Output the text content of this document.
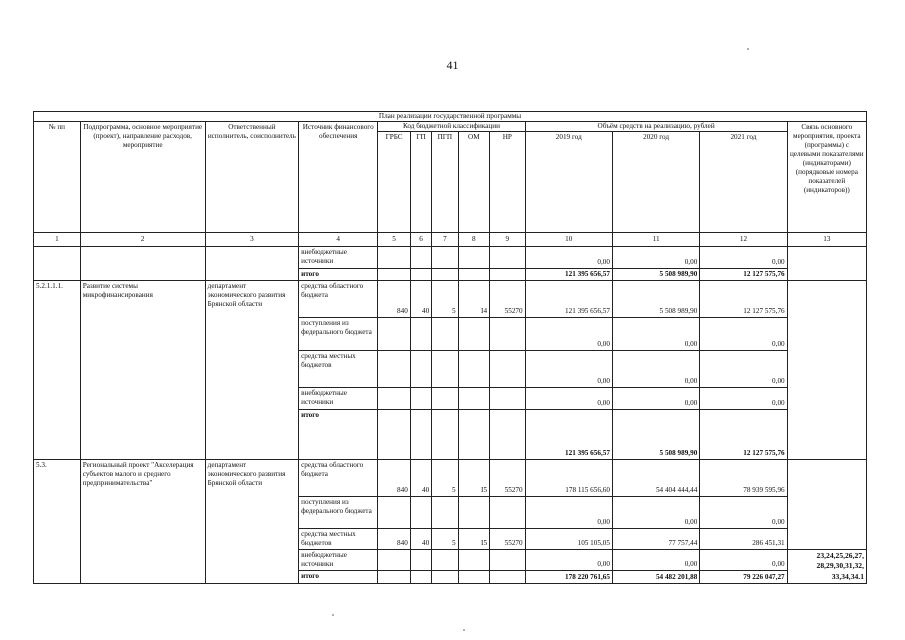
41
План реализации государственной программы												
№ пп	Подпрограмма, основное мероприятие (проект), направление расходов, мероприятие	Ответственный исполнитель, соисполнитель	Источник финансового обеспечения	Код бюджетной классификации					Объём средств на реализацию, рублей			Связь основного мероприятия, проекта (программы) с целевыми показателями (индикаторами) (порядковые номера показателей (индикаторов))
				ГРБС	ГП	ПГП	ОМ	НР	2019 год	2020 год	2021 год	
1	2	3	4	5	6	7	8	9	10	11	12	13
			внебюджетные источники						0,00	0,00	0,00	
			итого						121 395 656,57	5 508 989,90	12 127 575,76	
5.2.1.1.1.	Развитие системы микрофинансирования	департамент экономического развития Брянской области	средства областного бюджета	840	40	5	I4	55270	121 395 656,57	5 508 989,90	12 127 575,76	
			поступления из федерального бюджета						0,00	0,00	0,00	
			средства местных бюджетов						0,00	0,00	0,00	
			внебюджетные источники						0,00	0,00	0,00	
			итого						121 395 656,57	5 508 989,90	12 127 575,76	
5.3.	Региональный проект "Акселерация субъектов малого и среднего предпринимательства"	департамент экономического развития Брянской области	средства областного бюджета	840	40	5	I5	55270	178 115 656,60	54 404 444,44	78 939 595,96	
			поступления из федерального бюджета						0,00	0,00	0,00	
			средства местных бюджетов	840	40	5	I5	55270	105 105,05	77 757,44	286 451,31	
			внебюджетные источники						0,00	0,00	0,00	23,24,25,26,27, 28,29,30,31,32, 33,34,34.1
			итого						178 220 761,65	54 482 201,88	79 226 047,27	
